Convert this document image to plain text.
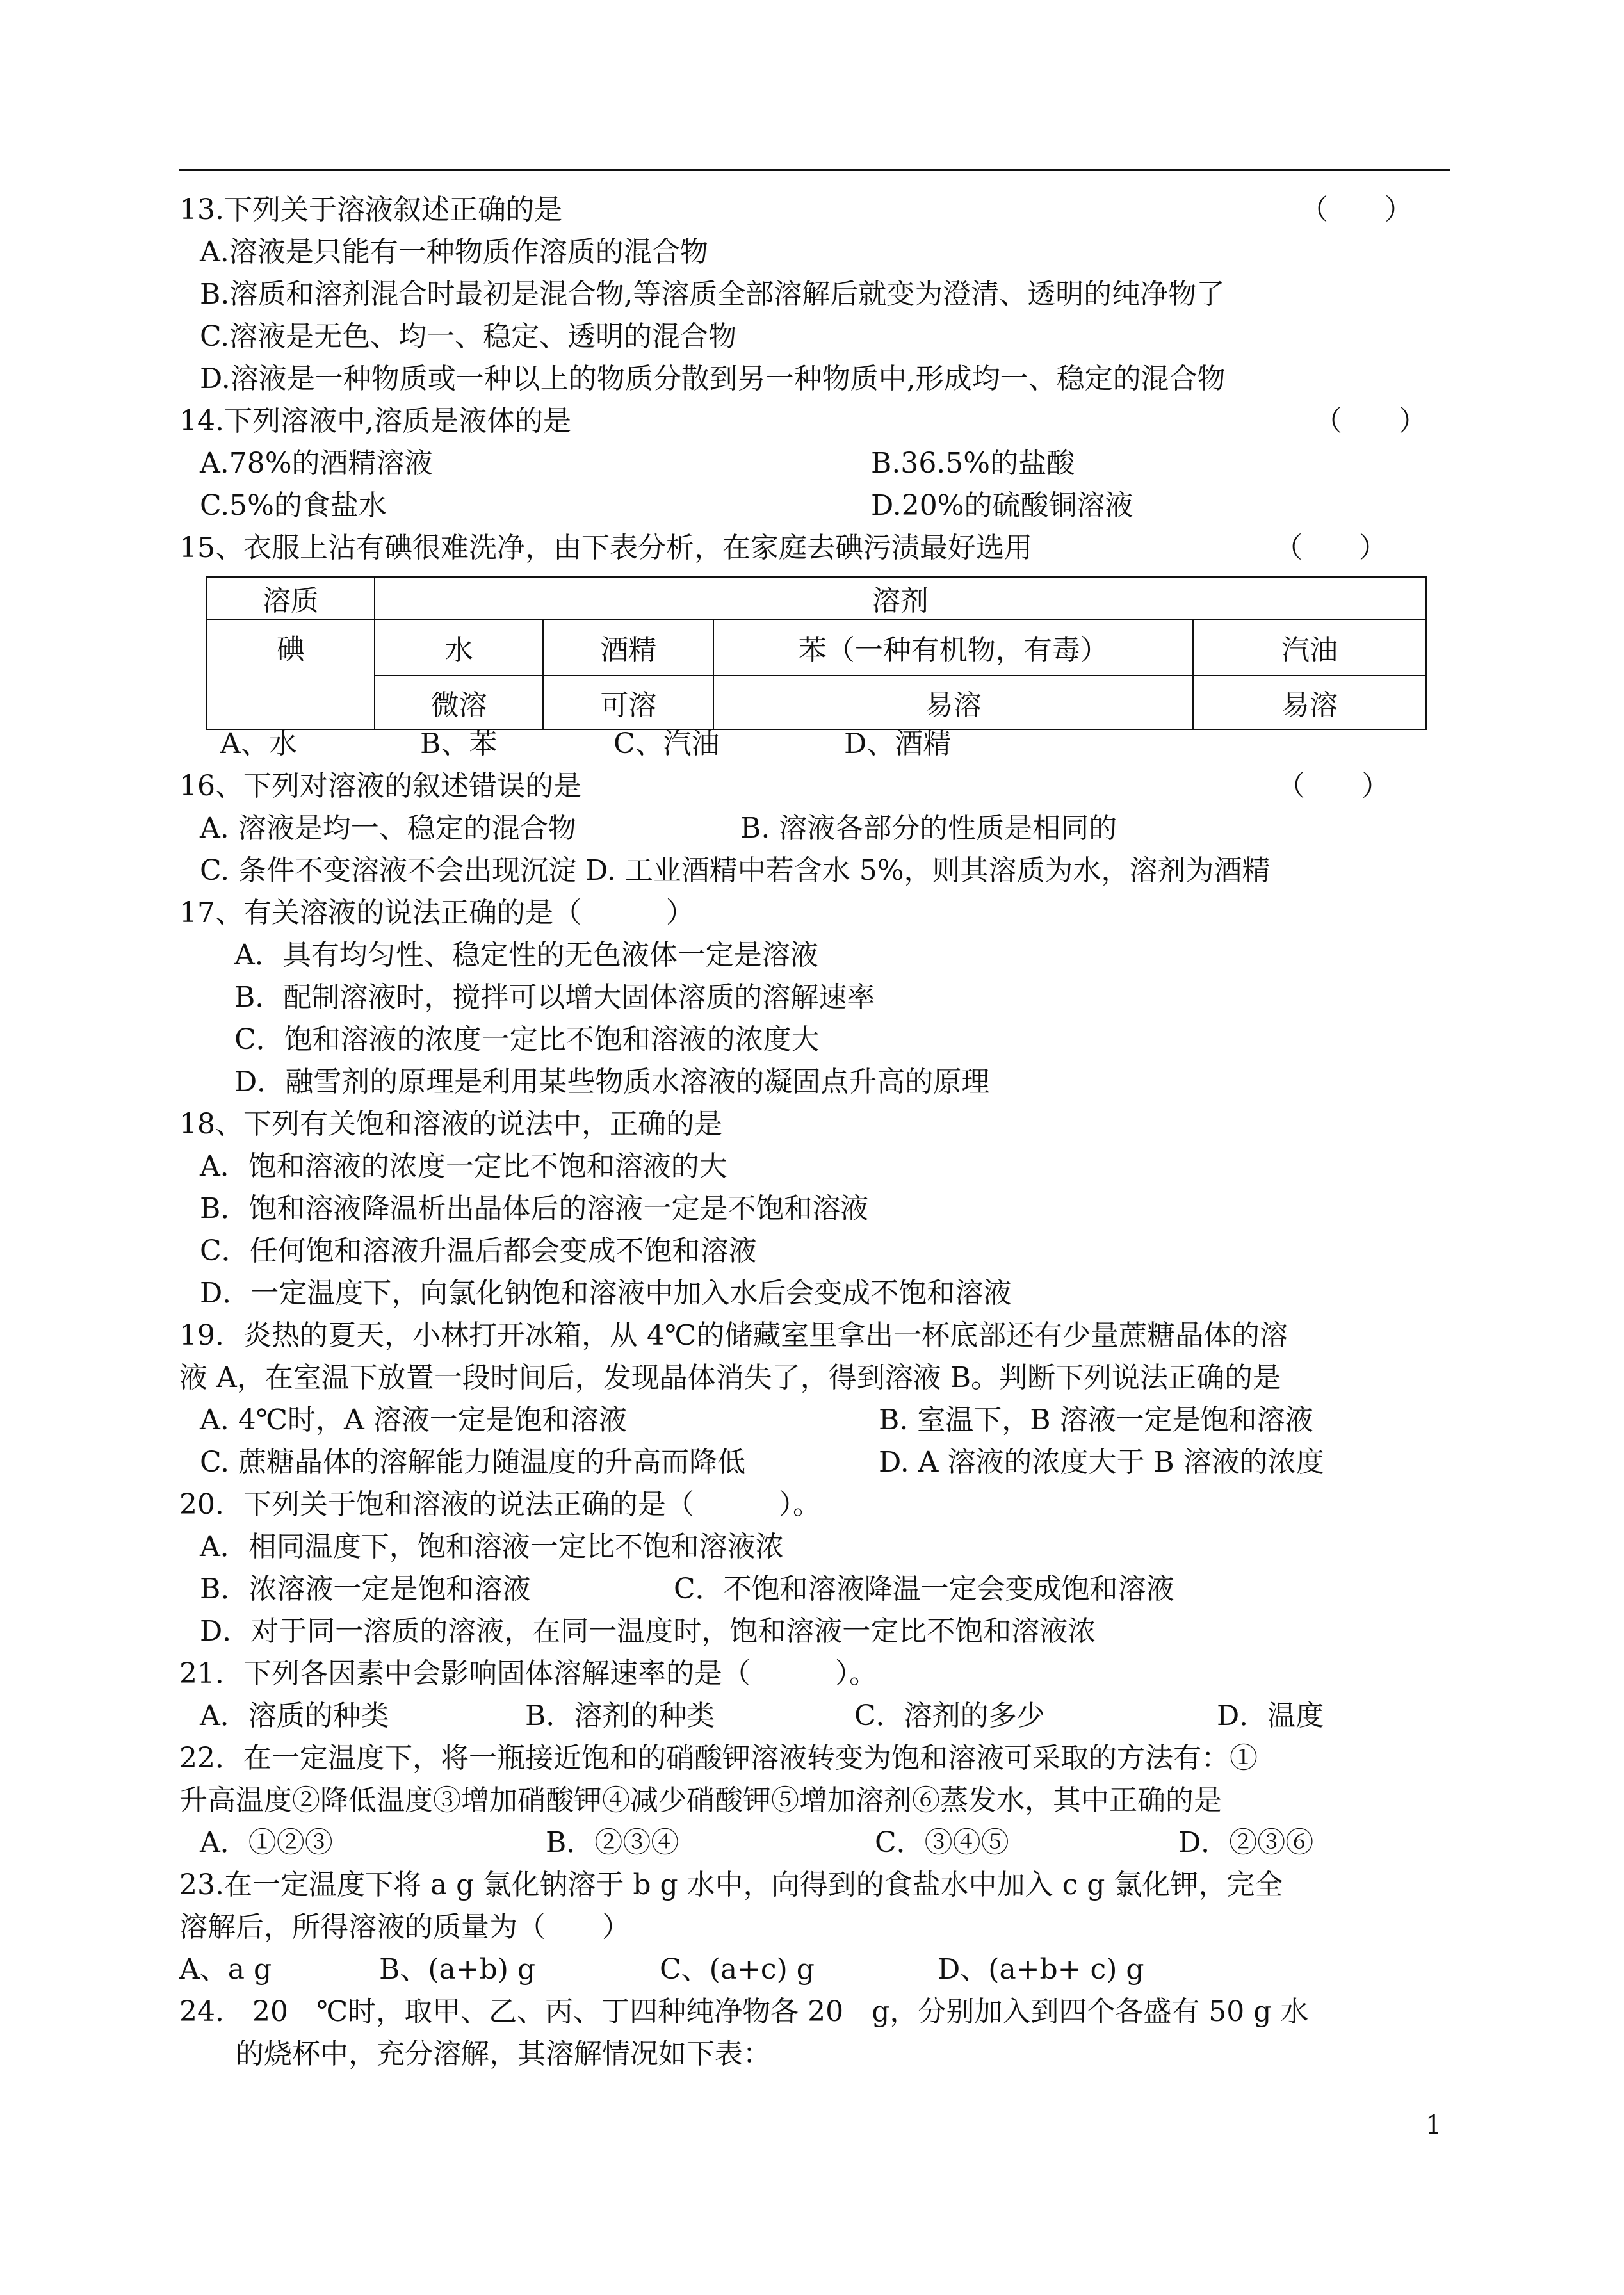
13.下列关于溶液叙述正确的是	（　　）
A.溶液是只能有一种物质作溶质的混合物
B.溶质和溶剂混合时最初是混合物,等溶质全部溶解后就变为澄清、透明的纯净物了
C.溶液是无色、均一、稳定、透明的混合物
D.溶液是一种物质或一种以上的物质分散到另一种物质中,形成均一、稳定的混合物
14.下列溶液中,溶质是液体的是	（　　）
A.78%的酒精溶液	B.36.5%的盐酸
C.5%的食盐水	D.20%的硫酸铜溶液
15、衣服上沾有碘很难洗净，由下表分析，在家庭去碘污渍最好选用	（　　）
溶质	溶剂			
碘	水	酒精	苯（一种有机物，有毒）	汽油
	微溶	可溶	易溶	易溶
A、水	B、苯	C、汽油	D、酒精
16、下列对溶液的叙述错误的是	（　　）
A. 溶液是均一、稳定的混合物	B. 溶液各部分的性质是相同的
C. 条件不变溶液不会出现沉淀 D. 工业酒精中若含水 5%，则其溶质为水，溶剂为酒精
17、有关溶液的说法正确的是（　　　）
A．具有均匀性、稳定性的无色液体一定是溶液
B．配制溶液时，搅拌可以增大固体溶质的溶解速率
C．饱和溶液的浓度一定比不饱和溶液的浓度大
D．融雪剂的原理是利用某些物质水溶液的凝固点升高的原理
18、下列有关饱和溶液的说法中，正确的是
A．饱和溶液的浓度一定比不饱和溶液的大
B．饱和溶液降温析出晶体后的溶液一定是不饱和溶液
C．任何饱和溶液升温后都会变成不饱和溶液
D．一定温度下，向氯化钠饱和溶液中加入水后会变成不饱和溶液
19．炎热的夏天，小林打开冰箱，从 4℃的储藏室里拿出一杯底部还有少量蔗糖晶体的溶
液 A，在室温下放置一段时间后，发现晶体消失了，得到溶液 B。判断下列说法正确的是
A. 4℃时，A 溶液一定是饱和溶液	B. 室温下，B 溶液一定是饱和溶液
C. 蔗糖晶体的溶解能力随温度的升高而降低	D. A 溶液的浓度大于 B 溶液的浓度
20．下列关于饱和溶液的说法正确的是（　　　）。
A．相同温度下，饱和溶液一定比不饱和溶液浓
B．浓溶液一定是饱和溶液	C．不饱和溶液降温一定会变成饱和溶液
D．对于同一溶质的溶液，在同一温度时，饱和溶液一定比不饱和溶液浓
21．下列各因素中会影响固体溶解速率的是（　　　）。
A．溶质的种类	B．溶剂的种类	C．溶剂的多少	D．温度
22．在一定温度下，将一瓶接近饱和的硝酸钾溶液转变为饱和溶液可采取的方法有：①
升高温度②降低温度③增加硝酸钾④减少硝酸钾⑤增加溶剂⑥蒸发水，其中正确的是
A．①②③	B．②③④	C．③④⑤	D．②③⑥
23.在一定温度下将 a g 氯化钠溶于 b g 水中，向得到的食盐水中加入 c g 氯化钾，完全
溶解后，所得溶液的质量为（　　）
A、a g	B、(a+b) g	C、(a+c) g	D、(a+b+ c) g
24.　20　℃时，取甲、乙、丙、丁四种纯净物各 20　g，分别加入到四个各盛有 50 g 水
的烧杯中，充分溶解，其溶解情况如下表：
1
